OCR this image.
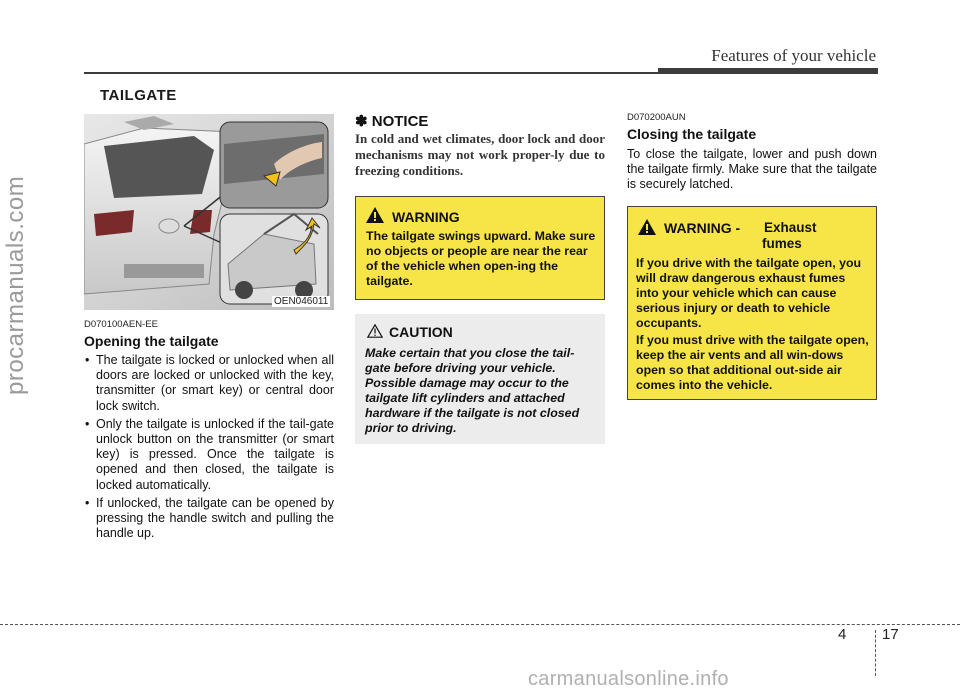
Features of your vehicle
procarmanuals.com
TAILGATE
OEN046011
D070100AEN-EE
Opening the tailgate
• The tailgate is locked or unlocked when all doors are locked or unlocked with the key, transmitter (or smart key) or central door lock switch.
• Only the tailgate is unlocked if the tail-gate unlock button on the transmitter (or smart key) is pressed. Once the tailgate is opened and then closed, the tailgate is locked automatically.
• If unlocked, the tailgate can be opened by pressing the handle switch and pulling the handle up.
✽ NOTICE
In cold and wet climates, door lock and door mechanisms may not work proper-ly due to freezing conditions.
WARNING
The tailgate swings upward. Make sure no objects or people are near the rear of the vehicle when open-ing the tailgate.
CAUTION
Make certain that you close the tail-gate before driving your vehicle. Possible damage may occur to the tailgate lift cylinders and attached hardware if the tailgate is not closed prior to driving.
D070200AUN
Closing the tailgate
To close the tailgate, lower and push down the tailgate firmly. Make sure that the tailgate is securely latched.
WARNING - Exhaust
fumes
If you drive with the tailgate open, you will draw dangerous exhaust fumes into your vehicle which can cause serious injury or death to vehicle occupants.
If you must drive with the tailgate open, keep the air vents and all win-dows open so that additional out-side air comes into the vehicle.
4 17
carmanualsonline.info
